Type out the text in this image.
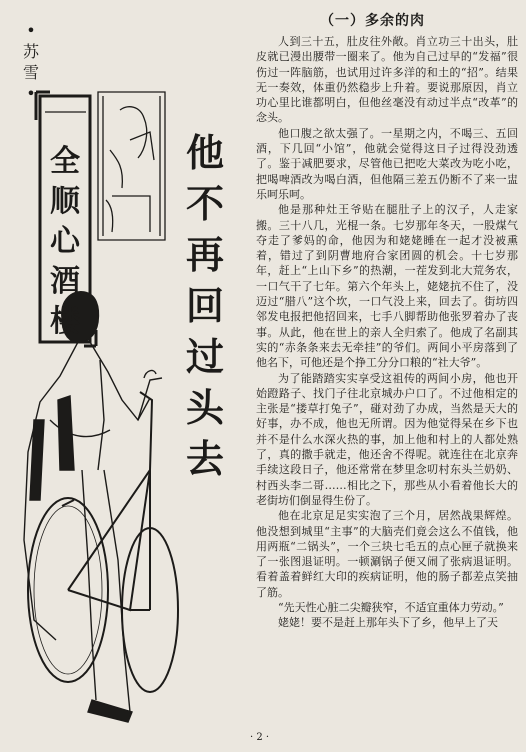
•
苏
雪
•
全
顺
心
酒
楼
他
不
再
回
过
头
去
（一）多余的肉

人到三十五，肚皮往外敞。肖立功三十出头，肚皮就已漫出腰带一圈来了。他为自己过早的“发福”很伤过一阵脑筋，也试用过许多洋的和土的“招”。结果无一奏效，体重仍然稳步上升着。要说那原因，肖立功心里比谁都明白，但他丝毫没有动过半点“改革”的念头。

他口腹之欲太强了。一星期之内，不喝三、五回酒，下几回“小馆”，他就会觉得这日子过得没劲透了。鉴于减肥要求，尽管他已把吃大菜改为吃小吃，把喝啤酒改为喝白酒，但他隔三差五仍断不了来一盅乐呵乐呵。

他是那种灶王爷贴在腿肚子上的汉子，人走家搬。三十八几，光棍一条。七岁那年冬天，一股煤气夺走了爹妈的命，他因为和姥姥睡在一起才没被熏着，错过了到阴曹地府合家团圆的机会。十七岁那年，赶上“上山下乡”的热潮，一茬发到北大荒务农，一口气干了七年。第六个年头上，姥姥抗不住了，没迈过“腊八”这个坎，一口气没上来，回去了。街坊四邻发电报把他招回来，七手八脚帮助他张罗着办了丧事。从此，他在世上的亲人全归索了。他成了名副其实的“赤条条来去无牵挂”的爷们。两间小平房落到了他名下，可他还是个挣工分分口粮的“社大爷”。

为了能踏踏实实享受这祖传的两间小房，他也开始蹬路子、找门子往北京城办户口了。不过他相定的主张是“搂草打兔子”，碰对劲了办成，当然是天大的好事，办不成，他也无所谓。因为他觉得呆在乡下也并不是什么水深火热的事，加上他和村上的人都处熟了，真的撒手就走，他还舍不得呢。就连往在北京奔手续这段日子，他还常常在梦里念叨村东头兰奶奶、村西头李二哥……相比之下，那些从小看着他长大的老街坊们倒显得生份了。

他在北京足足实实泡了三个月，居然战果辉煌。他没想到城里“主事”的大脑壳们竟会这么不值钱，他用两瓶“二锅头”，一个三块七毛五的点心匣子就换来了一张图退证明。一顿涮锅子便又闹了张病退证明。看着盖着鲜红大印的疾病证明，他的肠子都差点笑抽了筋。

“先天性心脏二尖瓣狭窄，不适宜重体力劳动。”

姥姥！要不是赶上那年头下了乡，他早上了天

· 2 ·
